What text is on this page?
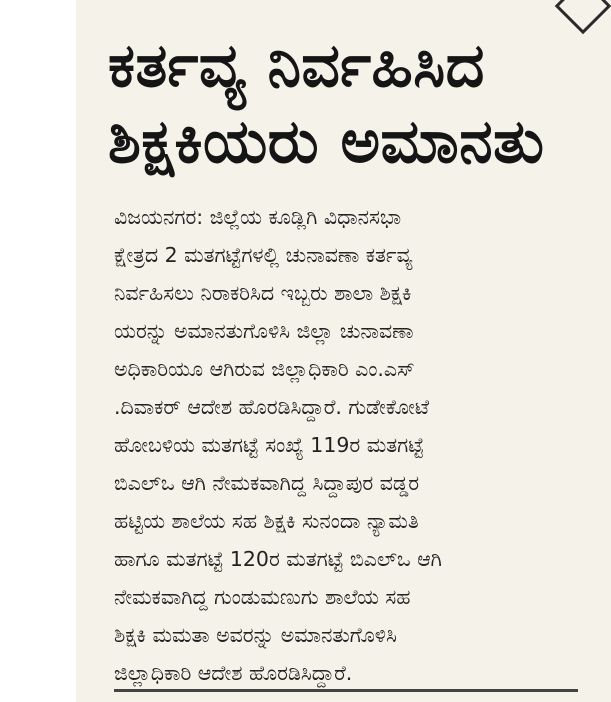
ಕರ್ತವ್ಯ ನಿರ್ವಹಿಸಿದ
ಶಿಕ್ಷಕಿಯರು ಅಮಾನತು
ವಿಜಯನಗರ: ಜಿಲ್ಲೆಯ ಕೂಡ್ಲಿಗಿ ವಿಧಾನಸಭಾ
ಕ್ಷೇತ್ರದ 2 ಮತಗಟ್ಟೆಗಳಲ್ಲಿ ಚುನಾವಣಾ ಕರ್ತವ್ಯ
ನಿರ್ವಹಿಸಲು ನಿರಾಕರಿಸಿದ ಇಬ್ಬರು ಶಾಲಾ ಶಿಕ್ಷಕಿ
ಯರನ್ನು ಅಮಾನತುಗೊಳಿಸಿ ಜಿಲ್ಲಾ ಚುನಾವಣಾ
ಅಧಿಕಾರಿಯೂ ಆಗಿರುವ ಜಿಲ್ಲಾಧಿಕಾರಿ ಎಂ.ಎಸ್
.ದಿವಾಕರ್ ಆದೇಶ ಹೊರಡಿಸಿದ್ದಾರೆ. ಗುಡೇಕೋಟೆ
ಹೋಬಳಿಯ ಮತಗಟ್ಟೆ ಸಂಖ್ಯೆ 119ರ ಮತಗಟ್ಟೆ
ಬಿಎಲ್‌ಒ ಆಗಿ ನೇಮಕವಾಗಿದ್ದ ಸಿದ್ದಾಪುರ ವಡ್ಡರ
ಹಟ್ಟಿಯ ಶಾಲೆಯ ಸಹ ಶಿಕ್ಷಕಿ ಸುನಂದಾ ನ್ಯಾಮತಿ
ಹಾಗೂ ಮತಗಟ್ಟೆ 120ರ ಮತಗಟ್ಟೆ ಬಿಎಲ್‌ಒ ಆಗಿ
ನೇಮಕವಾಗಿದ್ದ ಗುಂಡುಮಣುಗು ಶಾಲೆಯ ಸಹ
ಶಿಕ್ಷಕಿ ಮಮತಾ ಅವರನ್ನು ಅಮಾನತುಗೊಳಿಸಿ
ಜಿಲ್ಲಾಧಿಕಾರಿ ಆದೇಶ ಹೊರಡಿಸಿದ್ದಾರೆ.
